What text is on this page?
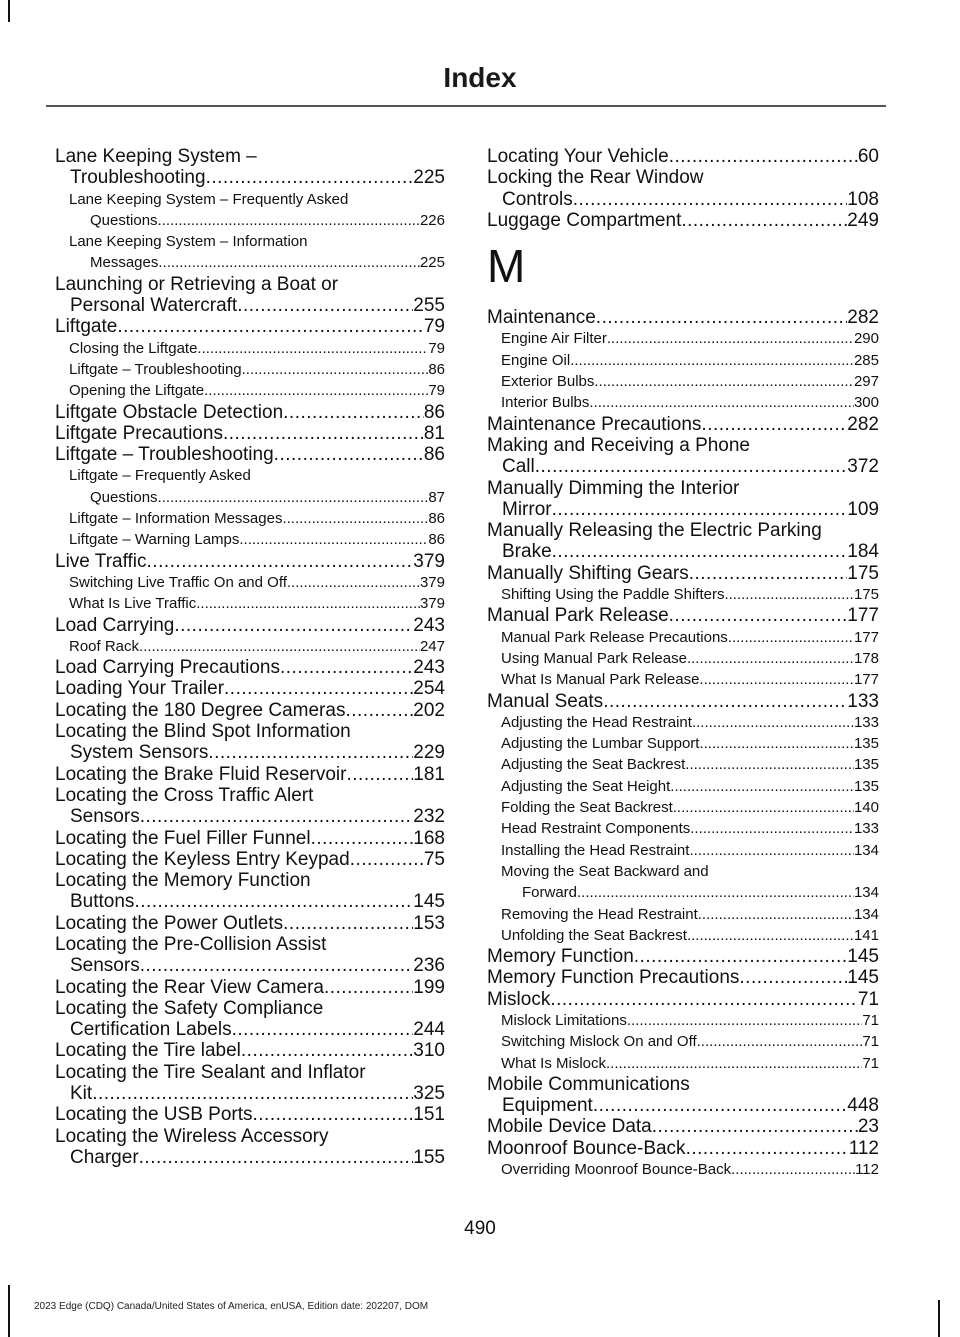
Index
Lane Keeping System –
Troubleshooting .....	225
Lane Keeping System – Frequently Asked
Questions .....	226
Lane Keeping System – Information
Messages .....	225
Launching or Retrieving a Boat or
Personal Watercraft .....	255
Liftgate .....	79
Closing the Liftgate .....	79
Liftgate – Troubleshooting .....	86
Opening the Liftgate .....	79
Liftgate Obstacle Detection .....	86
Liftgate Precautions .....	81
Liftgate – Troubleshooting .....	86
Liftgate – Frequently Asked
Questions .....	87
Liftgate – Information Messages .....	86
Liftgate – Warning Lamps .....	86
Live Traffic .....	379
Switching Live Traffic On and Off .....	379
What Is Live Traffic .....	379
Load Carrying .....	243
Roof Rack .....	247
Load Carrying Precautions .....	243
Loading Your Trailer .....	254
Locating the 180 Degree Cameras .....	202
Locating the Blind Spot Information
System Sensors .....	229
Locating the Brake Fluid Reservoir .....	181
Locating the Cross Traffic Alert
Sensors .....	232
Locating the Fuel Filler Funnel .....	168
Locating the Keyless Entry Keypad .....	75
Locating the Memory Function
Buttons .....	145
Locating the Power Outlets .....	153
Locating the Pre-Collision Assist
Sensors .....	236
Locating the Rear View Camera .....	199
Locating the Safety Compliance
Certification Labels .....	244
Locating the Tire label .....	310
Locating the Tire Sealant and Inflator
Kit .....	325
Locating the USB Ports .....	151
Locating the Wireless Accessory
Charger .....	155
Locating Your Vehicle .....	60
Locking the Rear Window
Controls .....	108
Luggage Compartment .....	249
M
Maintenance .....	282
Engine Air Filter .....	290
Engine Oil .....	285
Exterior Bulbs .....	297
Interior Bulbs .....	300
Maintenance Precautions .....	282
Making and Receiving a Phone
Call .....	372
Manually Dimming the Interior
Mirror .....	109
Manually Releasing the Electric Parking
Brake .....	184
Manually Shifting Gears .....	175
Shifting Using the Paddle Shifters .....	175
Manual Park Release .....	177
Manual Park Release Precautions .....	177
Using Manual Park Release .....	178
What Is Manual Park Release .....	177
Manual Seats .....	133
Adjusting the Head Restraint .....	133
Adjusting the Lumbar Support .....	135
Adjusting the Seat Backrest .....	135
Adjusting the Seat Height .....	135
Folding the Seat Backrest .....	140
Head Restraint Components .....	133
Installing the Head Restraint .....	134
Moving the Seat Backward and
Forward .....	134
Removing the Head Restraint .....	134
Unfolding the Seat Backrest .....	141
Memory Function .....	145
Memory Function Precautions .....	145
Mislock .....	71
Mislock Limitations .....	71
Switching Mislock On and Off .....	71
What Is Mislock .....	71
Mobile Communications
Equipment .....	448
Mobile Device Data .....	23
Moonroof Bounce-Back .....	112
Overriding Moonroof Bounce-Back .....	112
490
2023 Edge (CDQ) Canada/United States of America, enUSA, Edition date: 202207, DOM
